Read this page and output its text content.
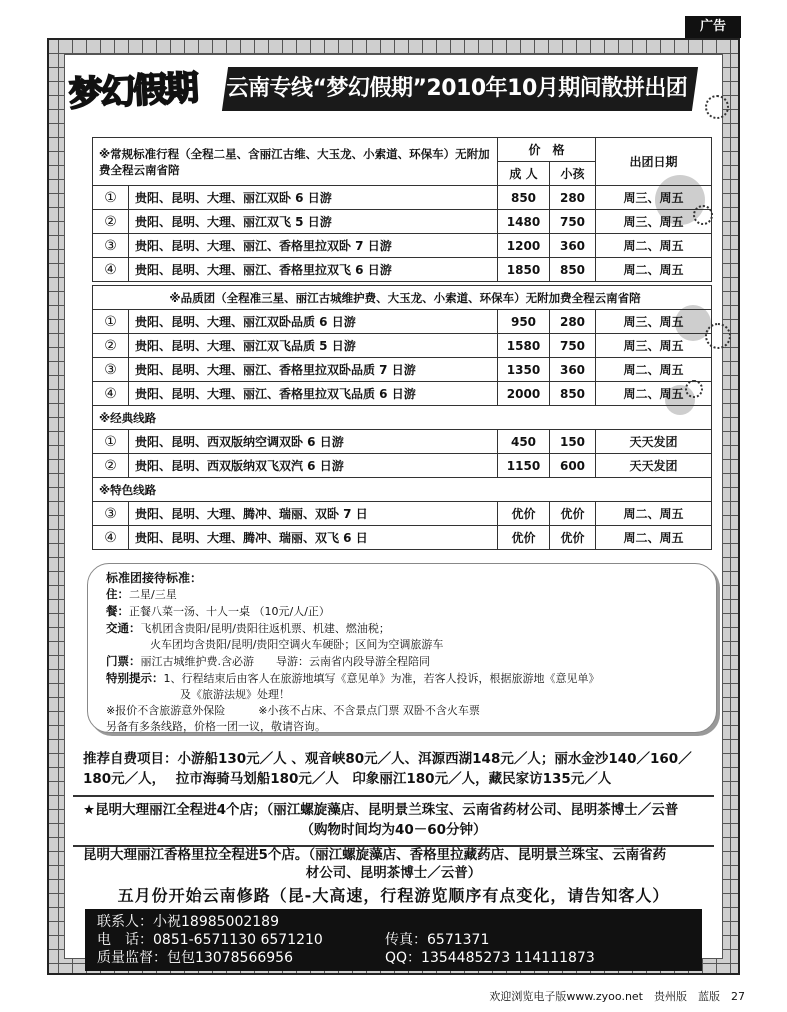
广告
梦幻假期	云南专线“梦幻假期”2010年10月期间散拼出团计划
※常规标准行程（全程二星、含丽江古维、大玉龙、小索道、环保车）无附加费全程云南省陪		价　格		出团日期
		成 人	小孩	
①	贵阳、昆明、大理、丽江双卧 6 日游	850	280	周三、周五
②	贵阳、昆明、大理、丽江双飞 5 日游	1480	750	周三、周五
③	贵阳、昆明、大理、丽江、香格里拉双卧 7 日游	1200	360	周二、周五
④	贵阳、昆明、大理、丽江、香格里拉双飞 6 日游	1850	850	周二、周五

※品质团（全程准三星、丽江古城维护费、大玉龙、小索道、环保车）无附加费全程云南省陪				
①	贵阳、昆明、大理、丽江双卧品质 6 日游	950	280	周三、周五
②	贵阳、昆明、大理、丽江双飞品质 5 日游	1580	750	周三、周五
③	贵阳、昆明、大理、丽江、香格里拉双卧品质 7 日游	1350	360	周二、周五
④	贵阳、昆明、大理、丽江、香格里拉双飞品质 6 日游	2000	850	周二、周五
※经典线路				
①	贵阳、昆明、西双版纳空调双卧 6 日游	450	150	天天发团
②	贵阳、昆明、西双版纳双飞双汽 6 日游	1150	600	天天发团
※特色线路				
③	贵阳、昆明、大理、腾冲、瑞丽、双卧 7 日	优价	优价	周二、周五
④	贵阳、昆明、大理、腾冲、瑞丽、双飞 6 日	优价	优价	周二、周五
标准团接待标准：
住：二星/三星
餐：正餐八菜一汤、十人一桌 （10元/人/正）
交通：飞机团含贵阳/昆明/贵阳往返机票、机建、燃油税；
火车团均含贵阳/昆明/贵阳空调火车硬卧；区间为空调旅游车
门票：丽江古城维护费.含必游　　导游：云南省内段导游全程陪同
特别提示：1、行程结束后由客人在旅游地填写《意见单》为准，若客人投诉，根据旅游地《意见单》
及《旅游法规》处理！
※报价不含旅游意外保险　　　※小孩不占床、不含景点门票 双卧不含火车票
另备有多条线路，价格一团一议，敬请咨询。
推荐自费项目：小游船130元／人 、观音峡80元／人、洱源西湖148元／人；丽水金沙140／160／180元／人， 拉市海骑马划船180元／人　印象丽江180元／人，藏民家访135元／人
★昆明大理丽江全程进4个店；（丽江螺旋藻店、昆明景兰珠宝、云南省药材公司、昆明茶博士／云普
（购物时间均为40－60分钟）
昆明大理丽江香格里拉全程进5个店。（丽江螺旋藻店、香格里拉藏药店、昆明景兰珠宝、云南省药
材公司、昆明茶博士／云普）
五月份开始云南修路（昆-大高速，行程游览顺序有点变化，请告知客人）
联系人：小祝18985002189
电　话：0851-6571130 6571210	传真：6571371
质量监督：包包13078566956	QQ：1354485273 114111873
欢迎浏览电子版www.zyoo.net　贵州版　蓝版　27
